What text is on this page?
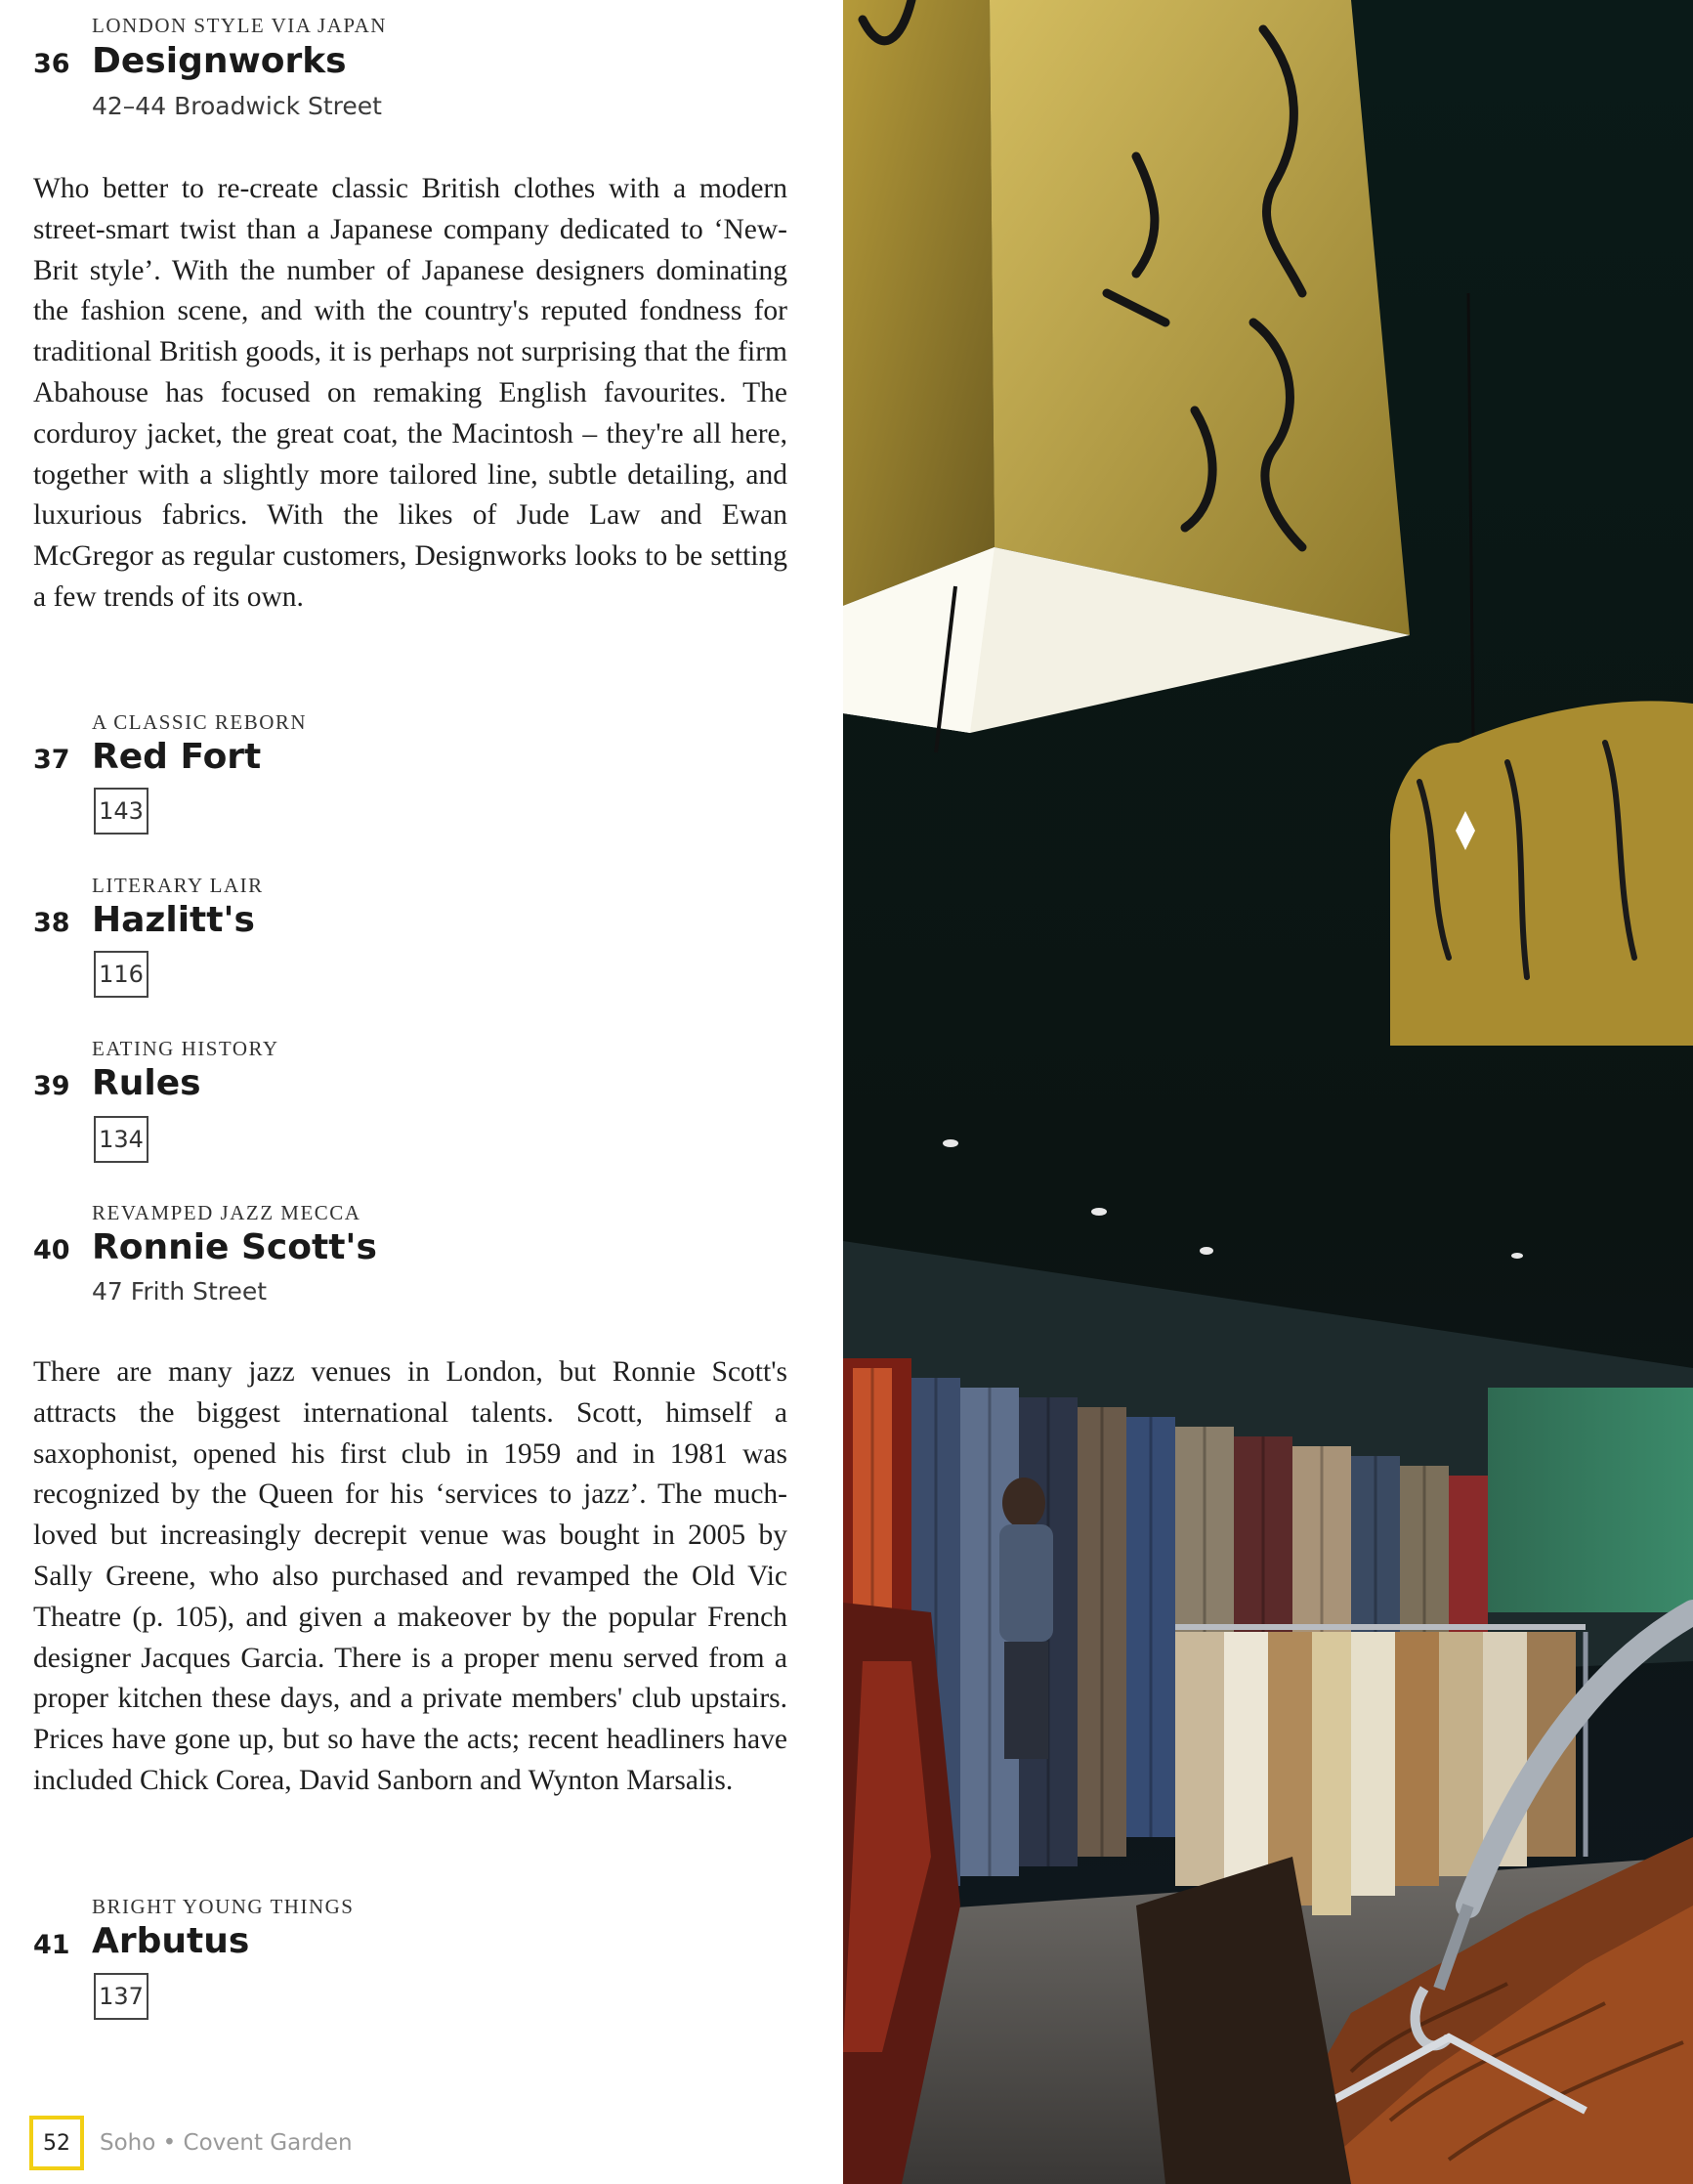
LONDON STYLE VIA JAPAN
36 Designworks
42–44 Broadwick Street

Who better to re-create classic British clothes with a modern street-smart twist than a Japanese company dedicated to ‘New-Brit style’. With the number of Japanese designers dominating the fashion scene, and with the country's reputed fondness for traditional British goods, it is perhaps not surprising that the firm Abahouse has focused on remaking English favourites. The corduroy jacket, the great coat, the Macintosh – they're all here, together with a slightly more tailored line, subtle detailing, and luxurious fabrics. With the likes of Jude Law and Ewan McGregor as regular customers, Designworks looks to be setting a few trends of its own.

A CLASSIC REBORN
37 Red Fort
143
LITERARY LAIR
38 Hazlitt's
116
EATING HISTORY
39 Rules
134
REVAMPED JAZZ MECCA
40 Ronnie Scott's
47 Frith Street

There are many jazz venues in London, but Ronnie Scott's attracts the biggest international talents. Scott, himself a saxophonist, opened his first club in 1959 and in 1981 was recognized by the Queen for his ‘services to jazz’. The much-loved but increasingly decrepit venue was bought in 2005 by Sally Greene, who also purchased and revamped the Old Vic Theatre (p. 105), and given a makeover by the popular French designer Jacques Garcia. There is a proper menu served from a proper kitchen these days, and a private members' club upstairs. Prices have gone up, but so have the acts; recent headliners have included Chick Corea, David Sanborn and Wynton Marsalis.

BRIGHT YOUNG THINGS
41 Arbutus
137
52	Soho • Covent Garden
